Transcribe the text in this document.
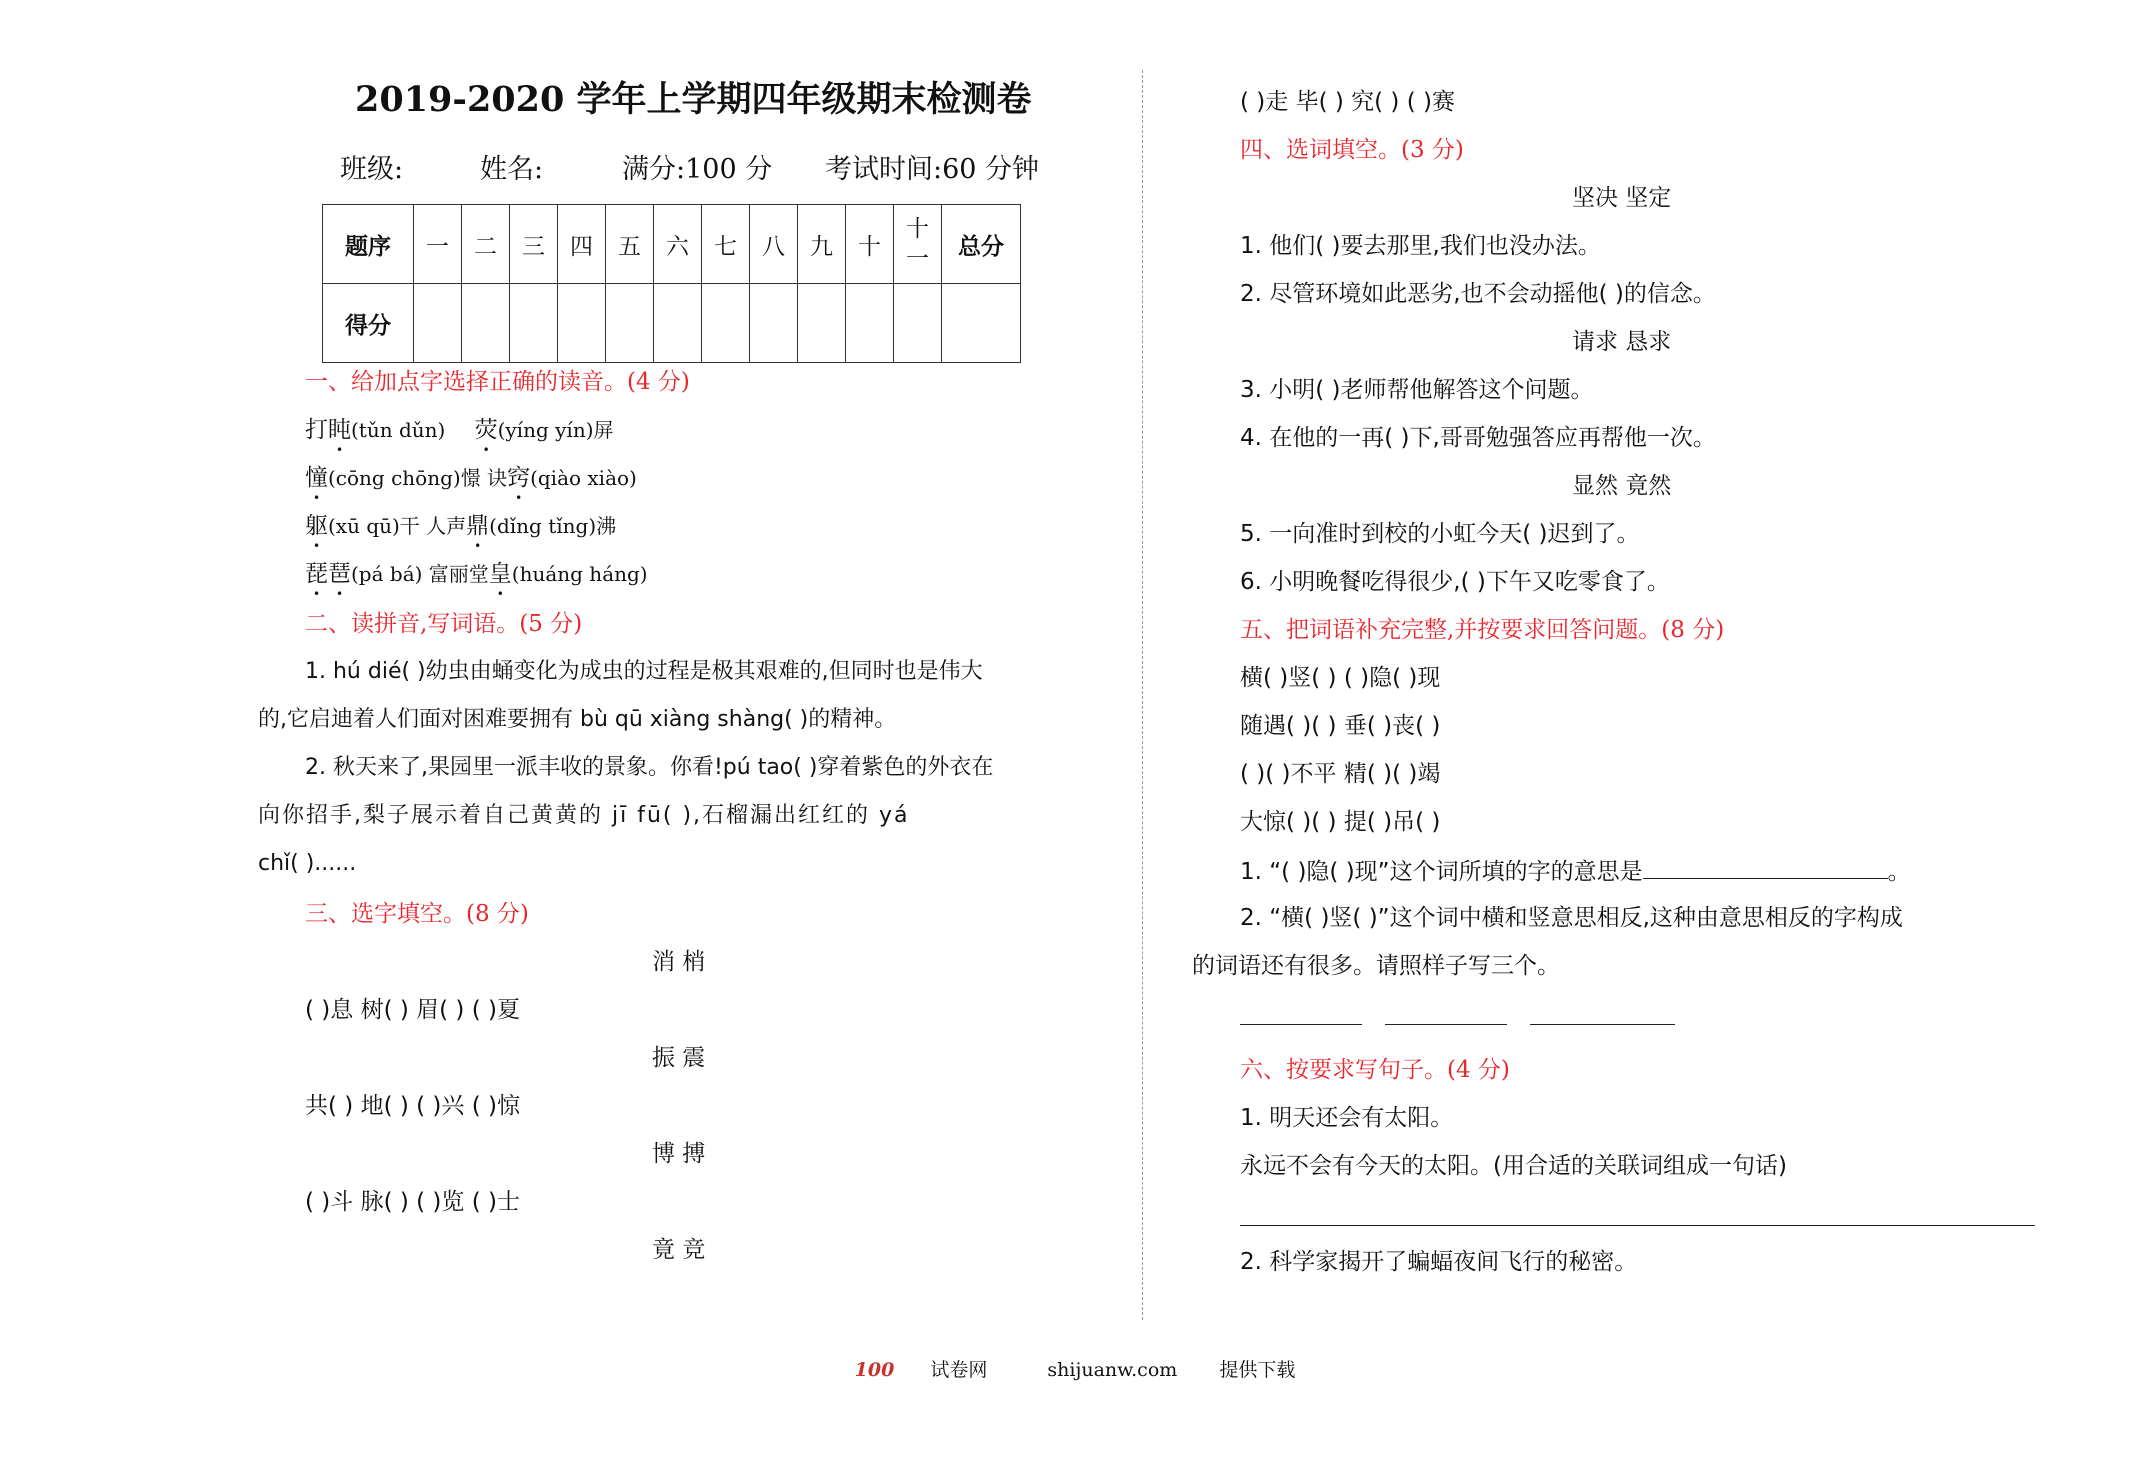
2019-2020 学年上学期四年级期末检测卷
班级:	姓名:	满分:100 分 考试时间:60 分钟
题序	一	二	三	四	五	六	七	八	九	十	十一	总分
得分												
一、给加点字选择正确的读音。(4 分)
打盹(tǔn dǔn) 荧(yíng yín)屏
憧(cōng chōng)憬 诀窍(qiào xiào)
躯(xū qū)干 人声鼎(dǐng tǐng)沸
琵琶(pá bá) 富丽堂皇(huáng háng)
二、读拼音,写词语。(5 分)
1. hú dié( )幼虫由蛹变化为成虫的过程是极其艰难的,但同时也是伟大
的,它启迪着人们面对困难要拥有 bù qū xiàng shàng( )的精神。
2. 秋天来了,果园里一派丰收的景象。你看!pú tao( )穿着紫色的外衣在
向你招手,梨子展示着自己黄黄的 jī fū( ),石榴漏出红红的 yá
chǐ( )......
三、选字填空。(8 分)
消 梢
( )息 树( ) 眉( ) ( )夏
振 震
共( ) 地( ) ( )兴 ( )惊
博 搏
( )斗 脉( ) ( )览 ( )士
竟 竞
( )走 毕( ) 究( ) ( )赛
四、选词填空。(3 分)
坚决 坚定
1. 他们( )要去那里,我们也没办法。
2. 尽管环境如此恶劣,也不会动摇他( )的信念。
请求 恳求
3. 小明( )老师帮他解答这个问题。
4. 在他的一再( )下,哥哥勉强答应再帮他一次。
显然 竟然
5. 一向准时到校的小虹今天( )迟到了。
6. 小明晚餐吃得很少,( )下午又吃零食了。
五、把词语补充完整,并按要求回答问题。(8 分)
横( )竖( ) ( )隐( )现
随遇( )( ) 垂( )丧( )
( )( )不平 精( )( )竭
大惊( )( ) 提( )吊( )
1. “( )隐( )现”这个词所填的字的意思是	。
2. “横( )竖( )”这个词中横和竖意思相反,这种由意思相反的字构成
的词语还有很多。请照样子写三个。
六、按要求写句子。(4 分)
1. 明天还会有太阳。
永远不会有今天的太阳。(用合适的关联词组成一句话)
2. 科学家揭开了蝙蝠夜间飞行的秘密。
100 试卷网	shijuanw.com 提供下载
